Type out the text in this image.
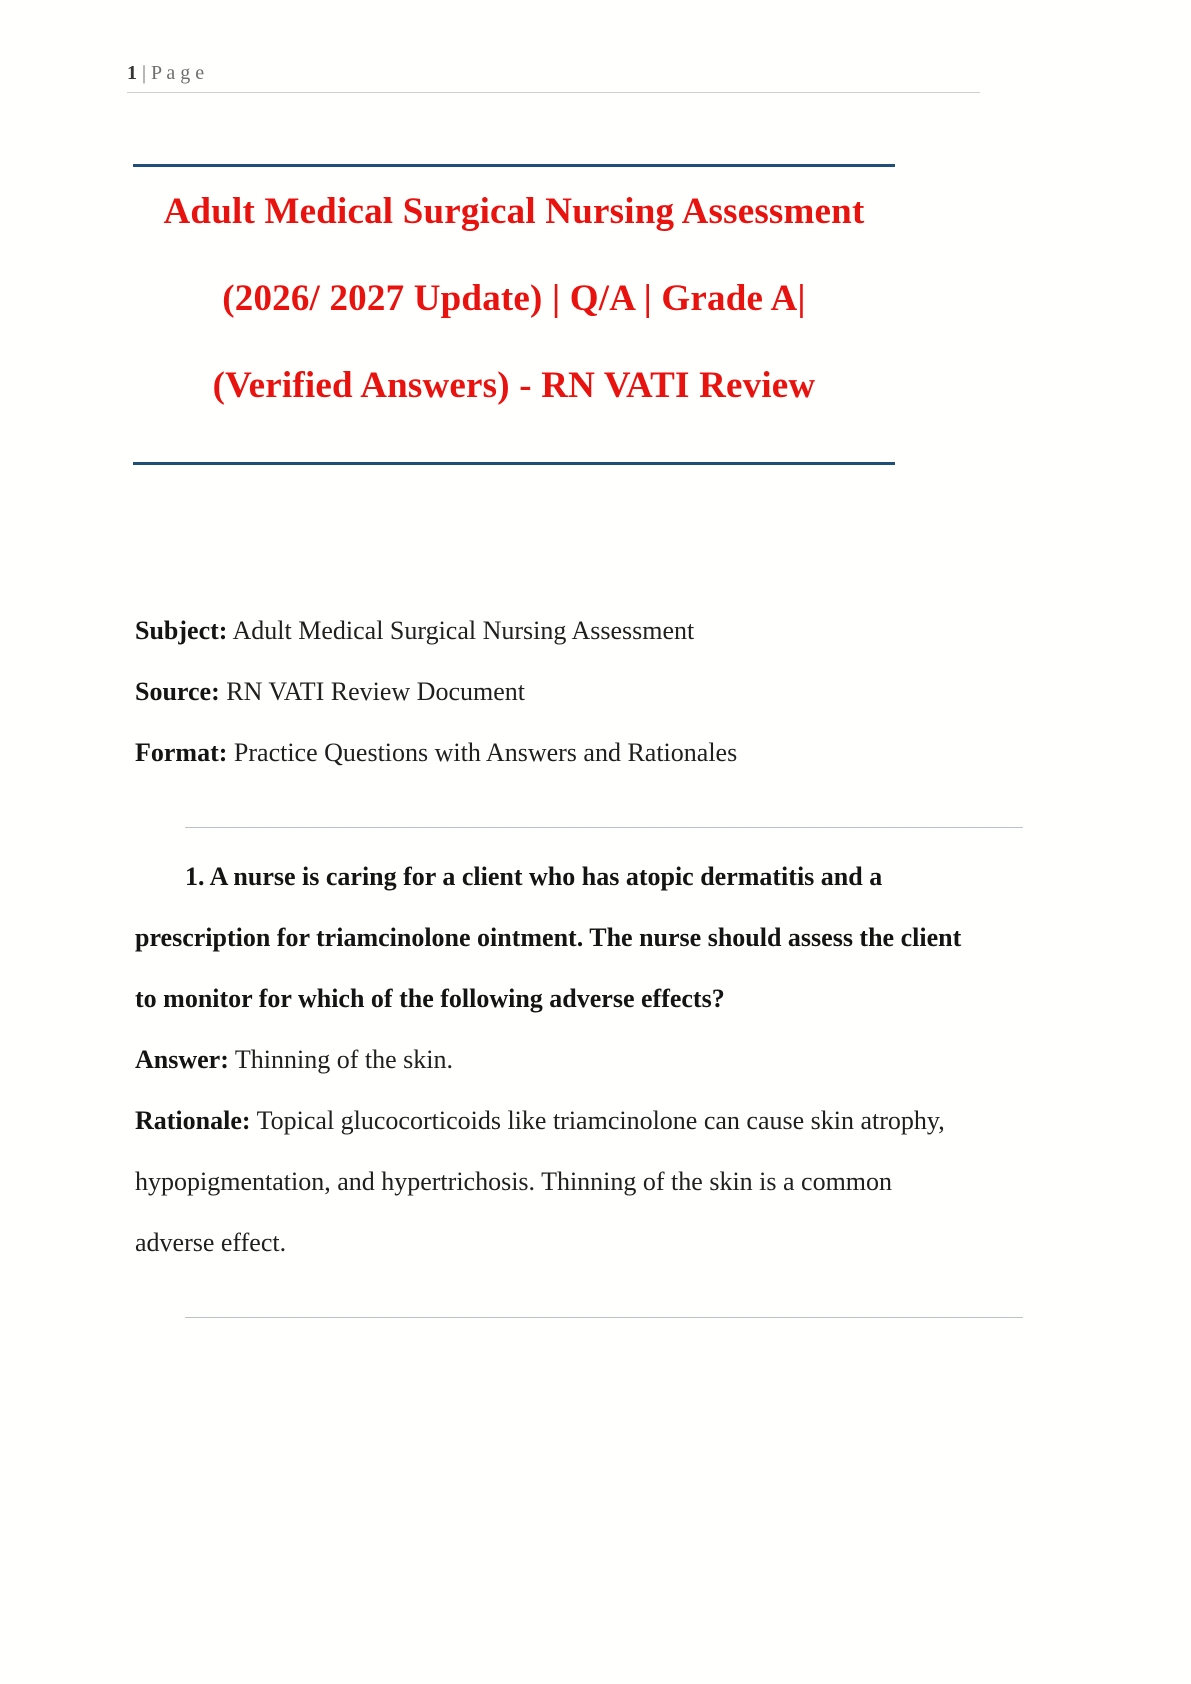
1 | P a g e
Adult Medical Surgical Nursing Assessment
(2026/ 2027 Update) | Q/A | Grade A|
(Verified Answers) - RN VATI Review

Subject: Adult Medical Surgical Nursing Assessment

Source: RN VATI Review Document

Format: Practice Questions with Answers and Rationales

1. A nurse is caring for a client who has atopic dermatitis and a prescription for triamcinolone ointment. The nurse should assess the client to monitor for which of the following adverse effects?

Answer: Thinning of the skin.

Rationale: Topical glucocorticoids like triamcinolone can cause skin atrophy, hypopigmentation, and hypertrichosis. Thinning of the skin is a common adverse effect.
